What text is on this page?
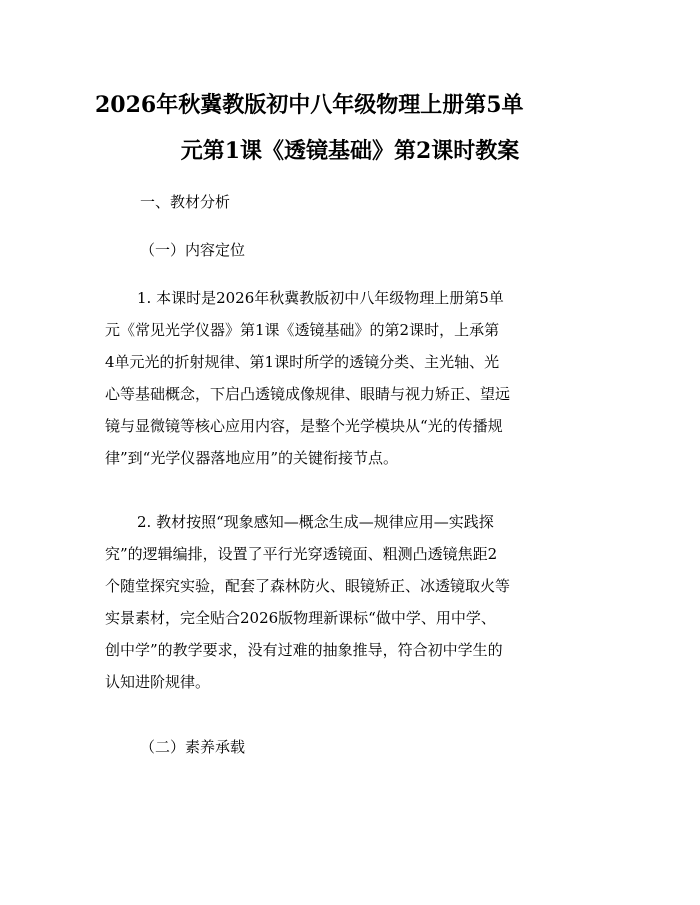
2026年秋冀教版初中八年级物理上册第5单
元第1课《透镜基础》第2课时教案
一、教材分析
（一）内容定位
1. 本课时是2026年秋冀教版初中八年级物理上册第5单
元《常见光学仪器》第1课《透镜基础》的第2课时，上承第
4单元光的折射规律、第1课时所学的透镜分类、主光轴、光
心等基础概念，下启凸透镜成像规律、眼睛与视力矫正、望远
镜与显微镜等核心应用内容，是整个光学模块从“光的传播规
律”到“光学仪器落地应用”的关键衔接节点。
2. 教材按照“现象感知—概念生成—规律应用—实践探
究”的逻辑编排，设置了平行光穿透镜面、粗测凸透镜焦距2
个随堂探究实验，配套了森林防火、眼镜矫正、冰透镜取火等
实景素材，完全贴合2026版物理新课标“做中学、用中学、
创中学”的教学要求，没有过难的抽象推导，符合初中学生的
认知进阶规律。
（二）素养承载
